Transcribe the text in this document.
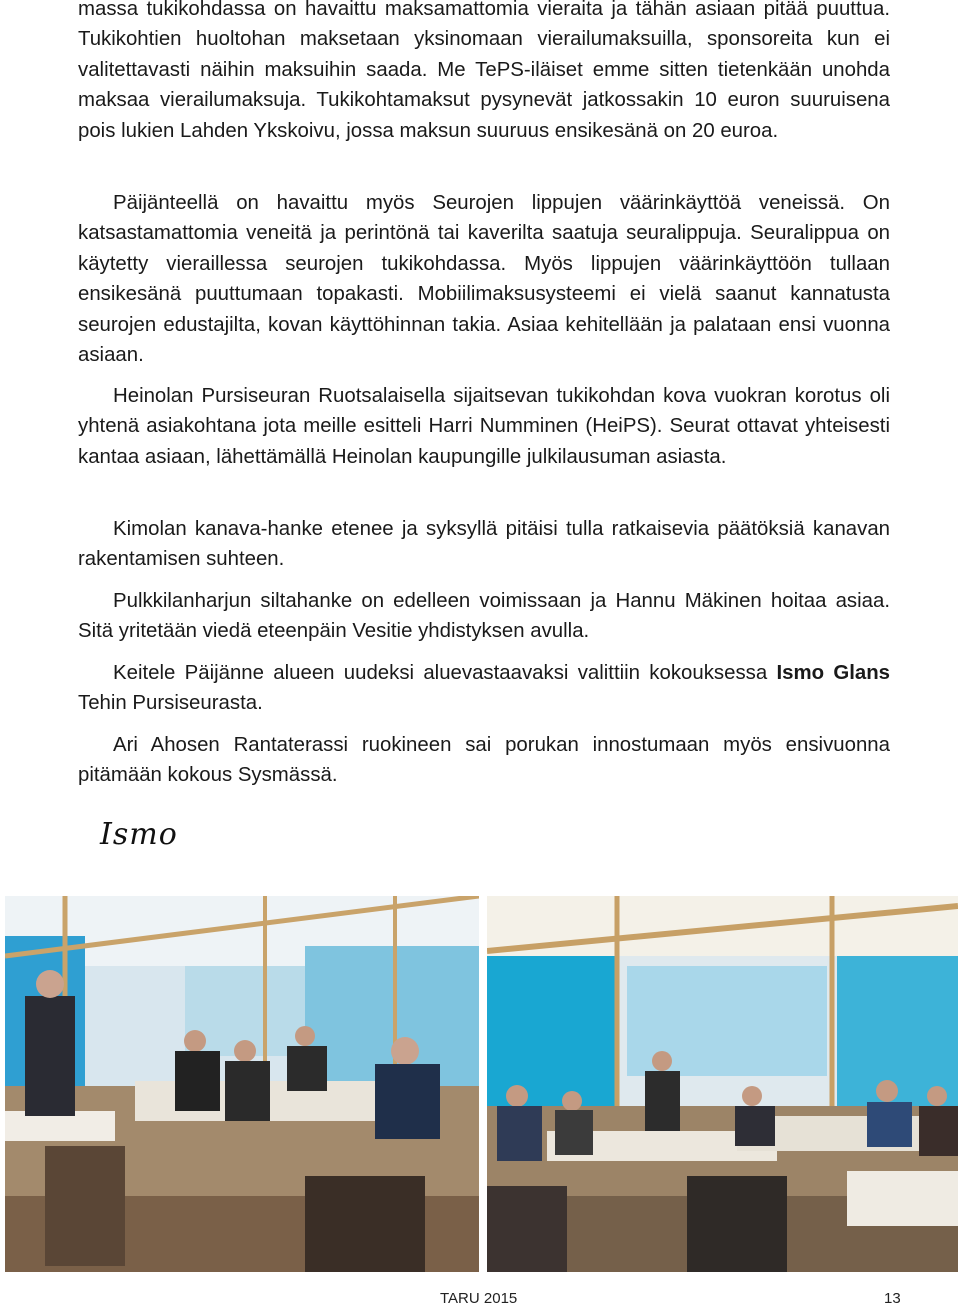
massa tukikohdassa on havaittu maksamattomia vieraita ja tähän asiaan pitää puuttua. Tukikohtien huoltohan maksetaan yksinomaan vierailumaksuilla, sponsoreita kun ei valitettavasti näihin maksuihin saada. Me TePS-iläiset emme sitten tietenkään unohda maksaa vierailumaksuja. Tukikohtamaksut pysynevät jatkossakin 10 euron suuruisena pois lukien Lahden Ykskoivu, jossa maksun suuruus ensikesänä on 20 euroa.

Päijänteellä on havaittu myös Seurojen lippujen väärinkäyttöä veneissä. On katsastamattomia veneitä ja perintönä tai kaverilta saatuja seuralippuja. Seuralippua on käytetty vieraillessa seurojen tukikohdassa. Myös lippujen väärinkäyttöön tullaan ensikesänä puuttumaan topakasti. Mobiilimaksusysteemi ei vielä saanut kannatusta seurojen edustajilta, kovan käyttöhinnan takia. Asiaa kehitellään ja palataan ensi vuonna asiaan.

Heinolan Pursiseuran Ruotsalaisella sijaitsevan tukikohdan kova vuokran korotus oli yhtenä asiakohtana jota meille esitteli Harri Numminen (HeiPS). Seurat ottavat yhteisesti kantaa asiaan, lähettämällä Heinolan kaupungille julkilausuman asiasta.

Kimolan kanava-hanke etenee ja syksyllä pitäisi tulla ratkaisevia päätöksiä kanavan rakentamisen suhteen.

Pulkkilanharjun siltahanke on edelleen voimissaan ja Hannu Mäkinen hoitaa asiaa. Sitä yritetään viedä eteenpäin Vesitie yhdistyksen avulla.

Keitele Päijänne alueen uudeksi aluevastaavaksi valittiin kokouksessa Ismo Glans Tehin Pursiseurasta.

Ari Ahosen Rantaterassi ruokineen sai porukan innostumaan myös ensivuonna pitämään kokous Sysmässä.

Ismo
TARU 2015	13
